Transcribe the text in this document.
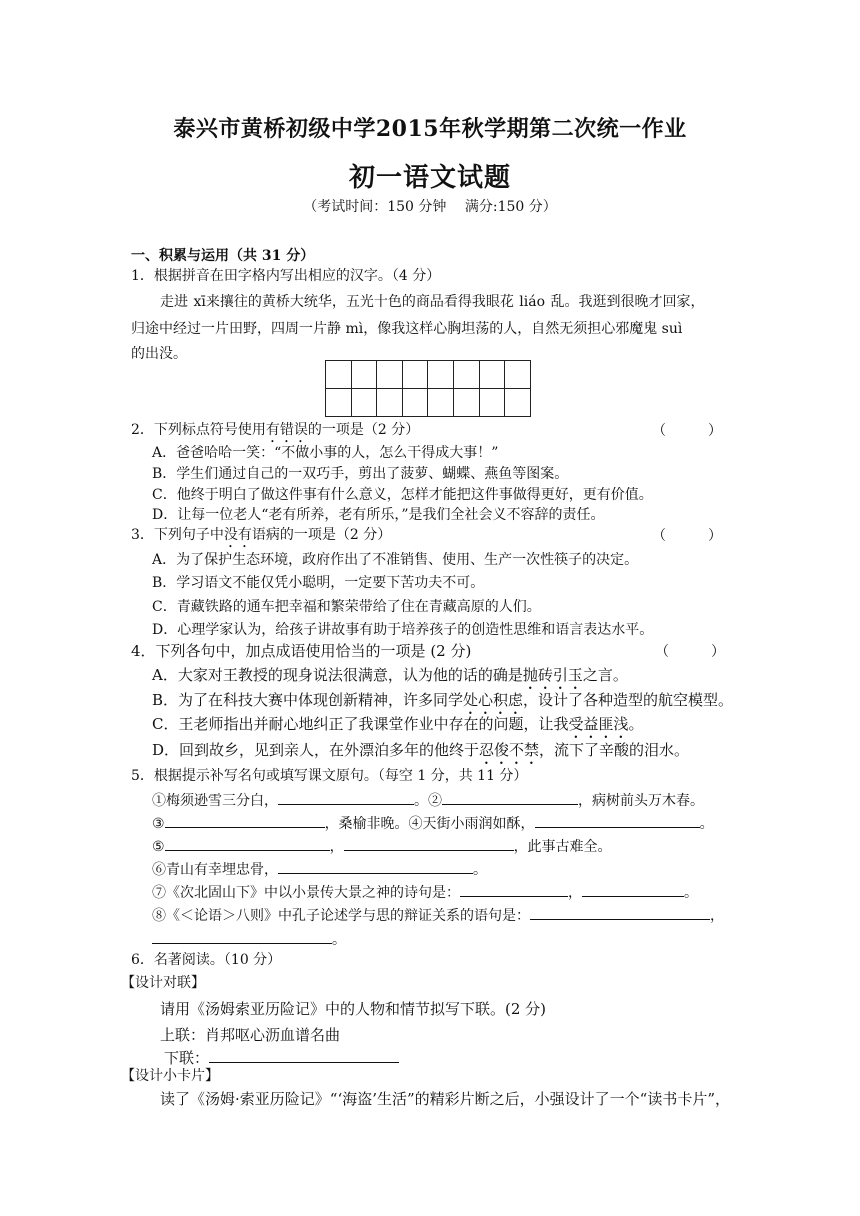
泰兴市黄桥初级中学2015年秋学期第二次统一作业
初一语文试题
（考试时间：150 分钟　 满分:150 分）
一、积累与运用（共 31 分）
1．根据拼音在田字格内写出相应的汉字。（4 分）
走进 xī来攘往的黄桥大统华，五光十色的商品看得我眼花 liáo 乱。我逛到很晚才回家，
归途中经过一片田野，四周一片静 mì，像我这样心胸坦荡的人，自然无须担心邪魔鬼 suì
的出没。

2．下列标点符号使用有错误的一项是（2 分）	（　　　）
A．爸爸哈哈一笑：“不做小事的人，怎么干得成大事！”
B．学生们通过自己的一双巧手，剪出了菠萝、蝴蝶、燕鱼等图案。
C．他终于明白了做这件事有什么意义，怎样才能把这件事做得更好，更有价值。
D．让每一位老人“老有所养，老有所乐，”是我们全社会义不容辞的责任。
3．下列句子中没有语病的一项是（2 分）	（　　　）
A．为了保护生态环境，政府作出了不准销售、使用、生产一次性筷子的决定。
B．学习语文不能仅凭小聪明，一定要下苦功夫不可。
C．青藏铁路的通车把幸福和繁荣带给了住在青藏高原的人们。
D．心理学家认为，给孩子讲故事有助于培养孩子的创造性思维和语言表达水平。
4．下列各句中，加点成语使用恰当的一项是 (2 分)	（　　　）
A．大家对王教授的现身说法很满意，认为他的话的确是抛砖引玉之言。
B．为了在科技大赛中体现创新精神，许多同学处心积虑，设计了各种造型的航空模型。
C．王老师指出并耐心地纠正了我课堂作业中存在的问题，让我受益匪浅。
D．回到故乡，见到亲人，在外漂泊多年的他终于忍俊不禁，流下了辛酸的泪水。
5．根据提示补写名句或填写课文原句。（每空 1 分，共 11 分）
①梅须逊雪三分白，	。②	，病树前头万木春。
③	，桑榆非晚。④天街小雨润如酥，	。
⑤	，	，此事古难全。
⑥青山有幸埋忠骨，	。
⑦《次北固山下》中以小景传大景之神的诗句是：	，	。
⑧《＜论语＞八则》中孔子论述学与思的辩证关系的语句是：	，
。
6．名著阅读。（10 分）
【设计对联】
请用《汤姆索亚历险记》中的人物和情节拟写下联。(2 分)
上联：肖邦呕心沥血谱名曲
下联：
【设计小卡片】
读了《汤姆·索亚历险记》“‘海盗’生活”的精彩片断之后，小强设计了一个“读书卡片”，
